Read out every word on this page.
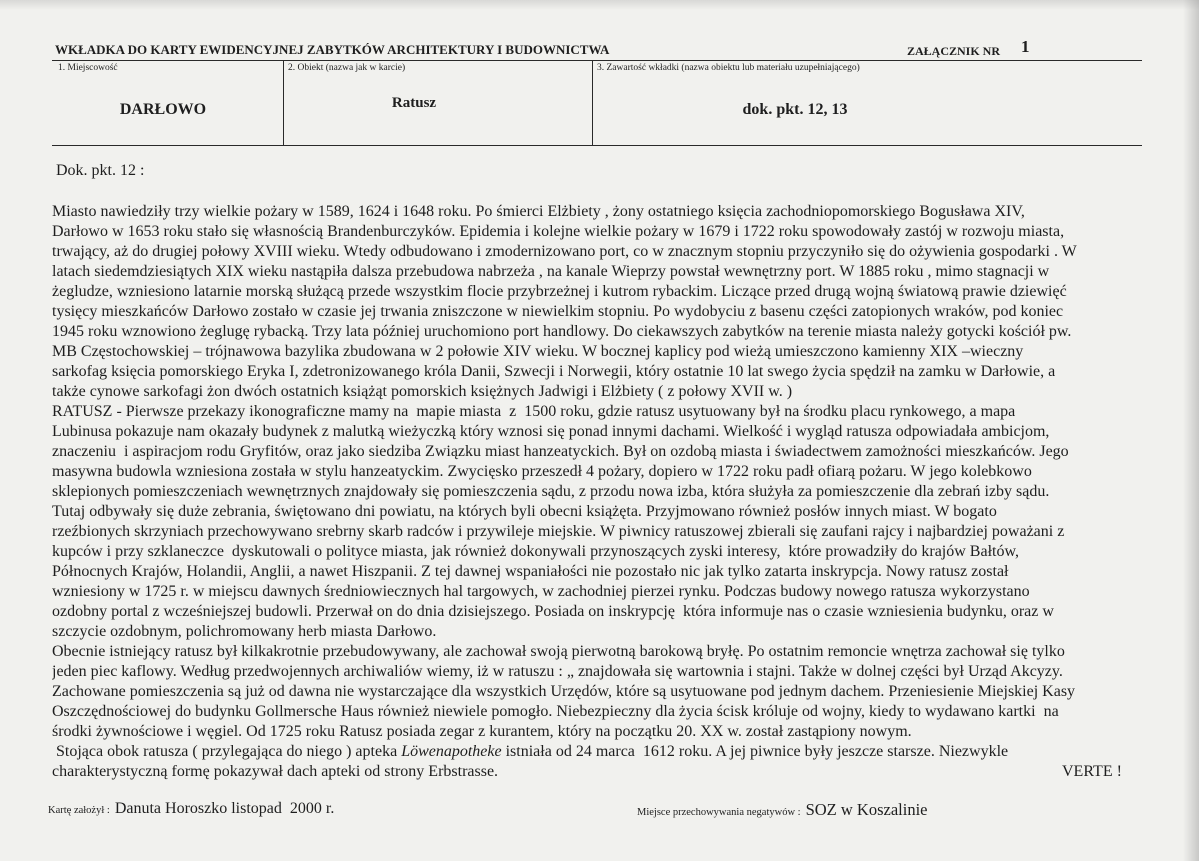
WKŁADKA DO KARTY EWIDENCYJNEJ ZABYTKÓW ARCHITEKTURY I BUDOWNICTWA	ZAŁĄCZNIK NR 1
1. Miejscowość	2. Obiekt (nazwa jak w karcie)	3. Zawartość wkładki (nazwa obiektu lub materiału uzupełniającego)
DARŁOWO	Ratusz	dok. pkt. 12, 13
Dok. pkt. 12 :
Miasto nawiedziły trzy wielkie pożary w 1589, 1624 i 1648 roku. Po śmierci Elżbiety , żony ostatniego księcia zachodniopomorskiego Bogusława XIV,
Darłowo w 1653 roku stało się własnością Brandenburczyków. Epidemia i kolejne wielkie pożary w 1679 i 1722 roku spowodowały zastój w rozwoju miasta,
trwający, aż do drugiej połowy XVIII wieku. Wtedy odbudowano i zmodernizowano port, co w znacznym stopniu przyczyniło się do ożywienia gospodarki . W
latach siedemdziesiątych XIX wieku nastąpiła dalsza przebudowa nabrzeża , na kanale Wieprzy powstał wewnętrzny port. W 1885 roku , mimo stagnacji w
żegludze, wzniesiono latarnie morską służącą przede wszystkim flocie przybrzeżnej i kutrom rybackim. Liczące przed drugą wojną światową prawie dziewięć
tysięcy mieszkańców Darłowo zostało w czasie jej trwania zniszczone w niewielkim stopniu. Po wydobyciu z basenu części zatopionych wraków, pod koniec
1945 roku wznowiono żeglugę rybacką. Trzy lata później uruchomiono port handlowy. Do ciekawszych zabytków na terenie miasta należy gotycki kościół pw.
MB Częstochowskiej – trójnawowa bazylika zbudowana w 2 połowie XIV wieku. W bocznej kaplicy pod wieżą umieszczono kamienny XIX –wieczny
sarkofag księcia pomorskiego Eryka I, zdetronizowanego króla Danii, Szwecji i Norwegii, który ostatnie 10 lat swego życia spędził na zamku w Darłowie, a
także cynowe sarkofagi żon dwóch ostatnich książąt pomorskich księżnych Jadwigi i Elżbiety ( z połowy XVII w. )
RATUSZ - Pierwsze przekazy ikonograficzne mamy na  mapie miasta  z  1500 roku, gdzie ratusz usytuowany był na środku placu rynkowego, a mapa
Lubinusa pokazuje nam okazały budynek z malutką wieżyczką który wznosi się ponad innymi dachami. Wielkość i wygląd ratusza odpowiadała ambicjom,
znaczeniu  i aspiracjom rodu Gryfitów, oraz jako siedziba Związku miast hanzeatyckich. Był on ozdobą miasta i świadectwem zamożności mieszkańców. Jego
masywna budowla wzniesiona została w stylu hanzeatyckim. Zwycięsko przeszedł 4 pożary, dopiero w 1722 roku padł ofiarą pożaru. W jego kolebkowo
sklepionych pomieszczeniach wewnętrznych znajdowały się pomieszczenia sądu, z przodu nowa izba, która służyła za pomieszczenie dla zebrań izby sądu.
Tutaj odbywały się duże zebrania, świętowano dni powiatu, na których byli obecni książęta. Przyjmowano również posłów innych miast. W bogato
rzeźbionych skrzyniach przechowywano srebrny skarb radców i przywileje miejskie. W piwnicy ratuszowej zbierali się zaufani rajcy i najbardziej poważani z
kupców i przy szklaneczce  dyskutowali o polityce miasta, jak również dokonywali przynoszących zyski interesy,  które prowadziły do krajów Bałtów,
Północnych Krajów, Holandii, Anglii, a nawet Hiszpanii. Z tej dawnej wspaniałości nie pozostało nic jak tylko zatarta inskrypcja. Nowy ratusz został
wzniesiony w 1725 r. w miejscu dawnych średniowiecznych hal targowych, w zachodniej pierzei rynku. Podczas budowy nowego ratusza wykorzystano
ozdobny portal z wcześniejszej budowli. Przerwał on do dnia dzisiejszego. Posiada on inskrypcję  która informuje nas o czasie wzniesienia budynku, oraz w
szczycie ozdobnym, polichromowany herb miasta Darłowo.
Obecnie istniejący ratusz był kilkakrotnie przebudowywany, ale zachował swoją pierwotną barokową bryłę. Po ostatnim remoncie wnętrza zachował się tylko
jeden piec kaflowy. Według przedwojennych archiwaliów wiemy, iż w ratuszu : „ znajdowała się wartownia i stajni. Także w dolnej części był Urząd Akcyzy.
Zachowane pomieszczenia są już od dawna nie wystarczające dla wszystkich Urzędów, które są usytuowane pod jednym dachem. Przeniesienie Miejskiej Kasy
Oszczędnościowej do budynku Gollmersche Haus również niewiele pomogło. Niebezpieczny dla życia ścisk króluje od wojny, kiedy to wydawano kartki  na
środki żywnościowe i węgiel. Od 1725 roku Ratusz posiada zegar z kurantem, który na początku 20. XX w. został zastąpiony nowym.
Stojąca obok ratusza ( przylegająca do niego ) apteka Löwenapotheke istniała od 24 marca  1612 roku. A jej piwnice były jeszcze starsze. Niezwykle
charakterystyczną formę pokazywał dach apteki od strony Erbstrasse.	VERTE !
Kartę założył : Danuta Horoszko listopad  2000 r.	Miejsce przechowywania negatywów : SOZ w Koszalinie
